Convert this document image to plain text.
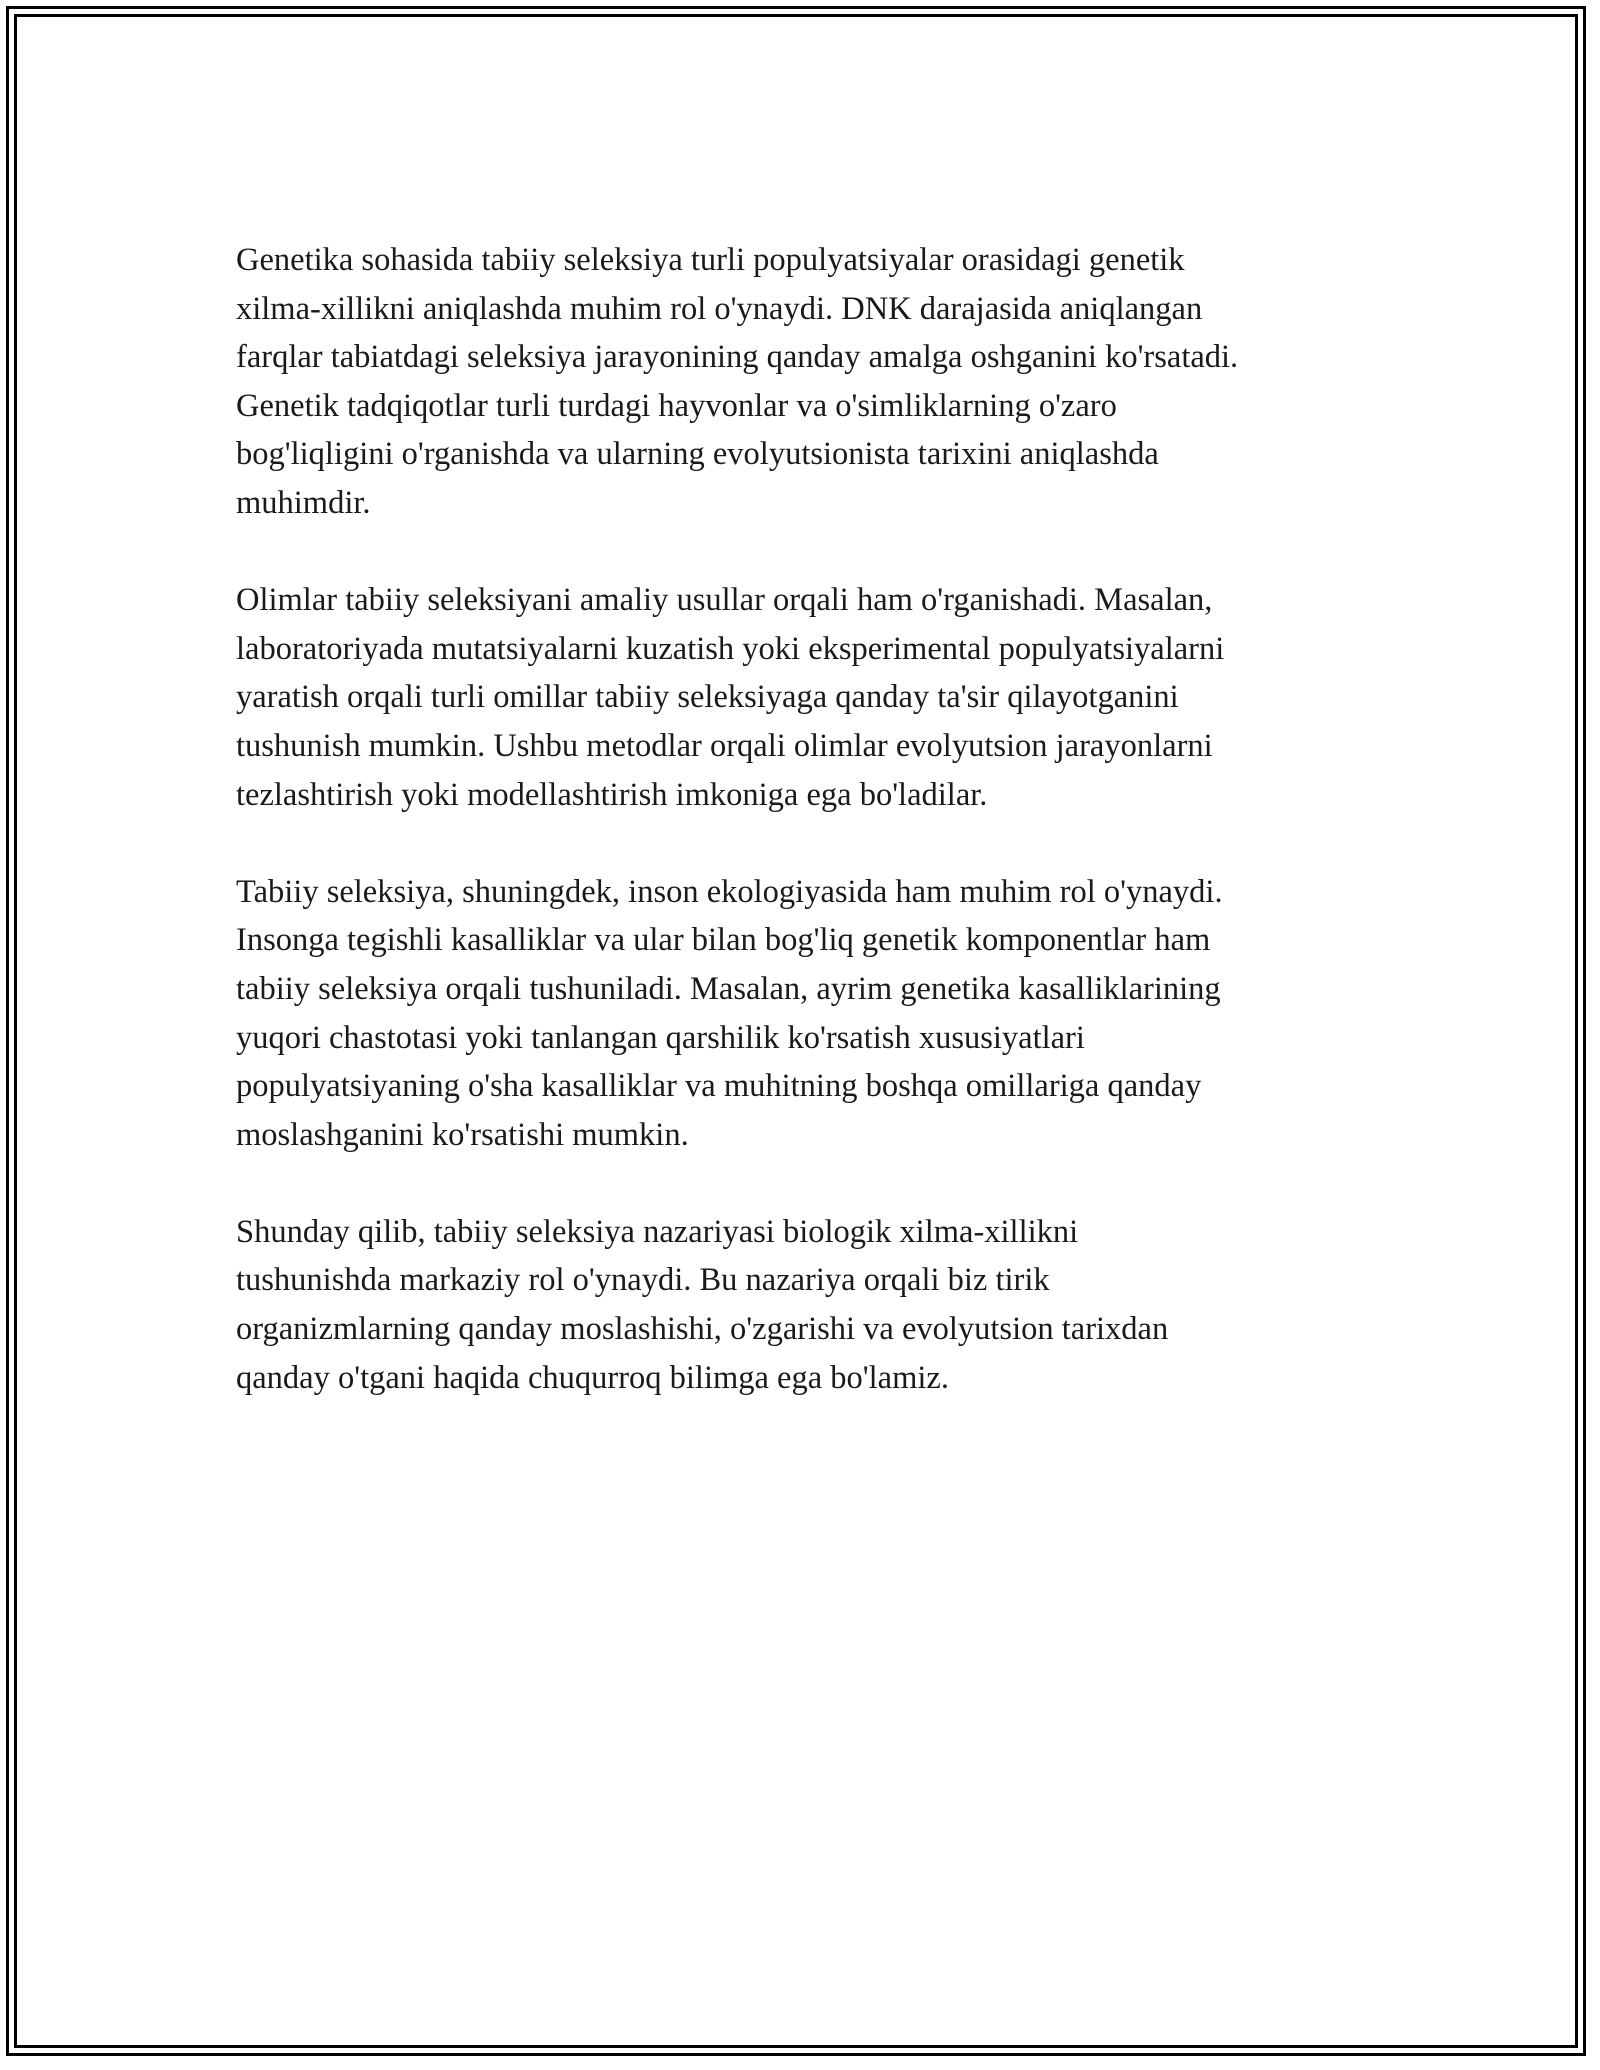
Genetika sohasida tabiiy seleksiya turli populyatsiyalar orasidagi genetik
xilma-xillikni aniqlashda muhim rol o'ynaydi. DNK darajasida aniqlangan
farqlar tabiatdagi seleksiya jarayonining qanday amalga oshganini ko'rsatadi.
Genetik tadqiqotlar turli turdagi hayvonlar va o'simliklarning o'zaro
bog'liqligini o'rganishda va ularning evolyutsionista tarixini aniqlashda
muhimdir.

Olimlar tabiiy seleksiyani amaliy usullar orqali ham o'rganishadi. Masalan,
laboratoriyada mutatsiyalarni kuzatish yoki eksperimental populyatsiyalarni
yaratish orqali turli omillar tabiiy seleksiyaga qanday ta'sir qilayotganini
tushunish mumkin. Ushbu metodlar orqali olimlar evolyutsion jarayonlarni
tezlashtirish yoki modellashtirish imkoniga ega bo'ladilar.

Tabiiy seleksiya, shuningdek, inson ekologiyasida ham muhim rol o'ynaydi.
Insonga tegishli kasalliklar va ular bilan bog'liq genetik komponentlar ham
tabiiy seleksiya orqali tushuniladi. Masalan, ayrim genetika kasalliklarining
yuqori chastotasi yoki tanlangan qarshilik ko'rsatish xususiyatlari
populyatsiyaning o'sha kasalliklar va muhitning boshqa omillariga qanday
moslashganini ko'rsatishi mumkin.

Shunday qilib, tabiiy seleksiya nazariyasi biologik xilma-xillikni
tushunishda markaziy rol o'ynaydi. Bu nazariya orqali biz tirik
organizmlarning qanday moslashishi, o'zgarishi va evolyutsion tarixdan
qanday o'tgani haqida chuqurroq bilimga ega bo'lamiz.
